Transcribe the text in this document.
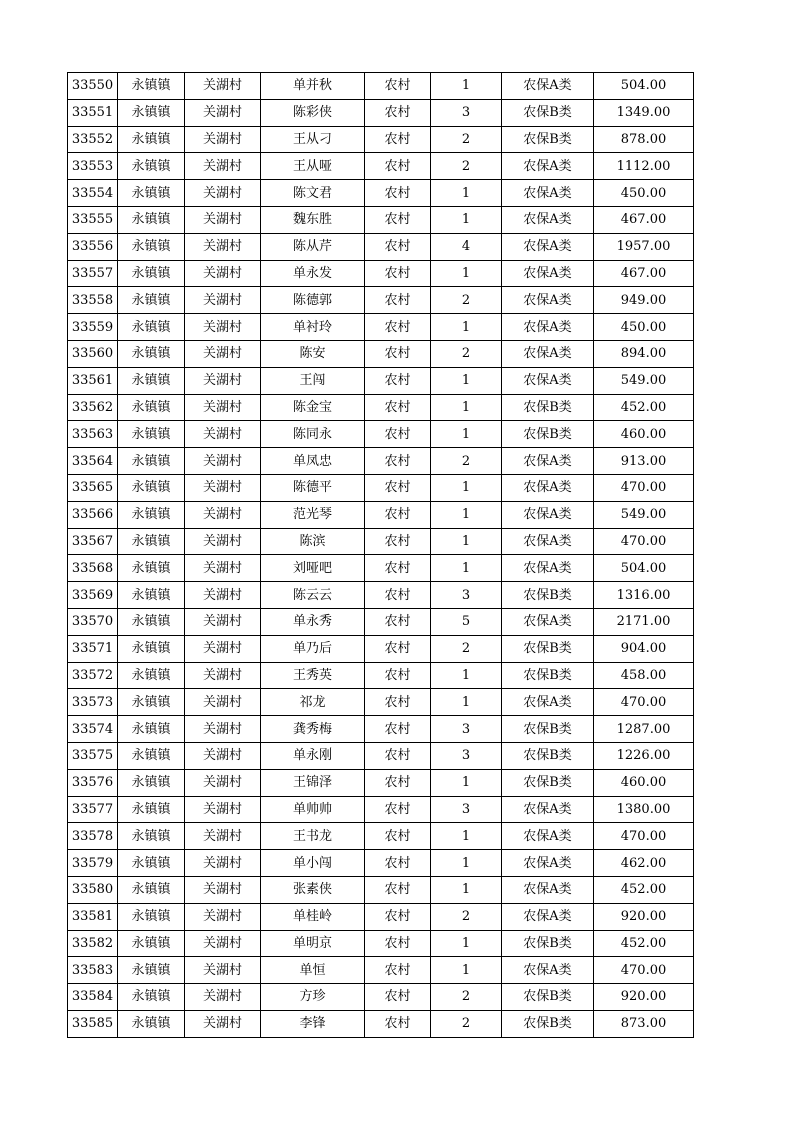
33550	永镇镇	关湖村	单并秋	农村	1	农保A类	504.00
33551	永镇镇	关湖村	陈彩侠	农村	3	农保B类	1349.00
33552	永镇镇	关湖村	王从刁	农村	2	农保B类	878.00
33553	永镇镇	关湖村	王从哑	农村	2	农保A类	1112.00
33554	永镇镇	关湖村	陈文君	农村	1	农保A类	450.00
33555	永镇镇	关湖村	魏东胜	农村	1	农保A类	467.00
33556	永镇镇	关湖村	陈从芹	农村	4	农保A类	1957.00
33557	永镇镇	关湖村	单永发	农村	1	农保A类	467.00
33558	永镇镇	关湖村	陈德郭	农村	2	农保A类	949.00
33559	永镇镇	关湖村	单衬玲	农村	1	农保A类	450.00
33560	永镇镇	关湖村	陈安	农村	2	农保A类	894.00
33561	永镇镇	关湖村	王闯	农村	1	农保A类	549.00
33562	永镇镇	关湖村	陈金宝	农村	1	农保B类	452.00
33563	永镇镇	关湖村	陈同永	农村	1	农保B类	460.00
33564	永镇镇	关湖村	单凤忠	农村	2	农保A类	913.00
33565	永镇镇	关湖村	陈德平	农村	1	农保A类	470.00
33566	永镇镇	关湖村	范光琴	农村	1	农保A类	549.00
33567	永镇镇	关湖村	陈滨	农村	1	农保A类	470.00
33568	永镇镇	关湖村	刘哑吧	农村	1	农保A类	504.00
33569	永镇镇	关湖村	陈云云	农村	3	农保B类	1316.00
33570	永镇镇	关湖村	单永秀	农村	5	农保A类	2171.00
33571	永镇镇	关湖村	单乃后	农村	2	农保B类	904.00
33572	永镇镇	关湖村	王秀英	农村	1	农保B类	458.00
33573	永镇镇	关湖村	祁龙	农村	1	农保A类	470.00
33574	永镇镇	关湖村	龚秀梅	农村	3	农保B类	1287.00
33575	永镇镇	关湖村	单永刚	农村	3	农保B类	1226.00
33576	永镇镇	关湖村	王锦泽	农村	1	农保B类	460.00
33577	永镇镇	关湖村	单帅帅	农村	3	农保A类	1380.00
33578	永镇镇	关湖村	王书龙	农村	1	农保A类	470.00
33579	永镇镇	关湖村	单小闯	农村	1	农保A类	462.00
33580	永镇镇	关湖村	张素侠	农村	1	农保A类	452.00
33581	永镇镇	关湖村	单桂岭	农村	2	农保A类	920.00
33582	永镇镇	关湖村	单明京	农村	1	农保B类	452.00
33583	永镇镇	关湖村	单恒	农村	1	农保A类	470.00
33584	永镇镇	关湖村	方珍	农村	2	农保B类	920.00
33585	永镇镇	关湖村	李锋	农村	2	农保B类	873.00
